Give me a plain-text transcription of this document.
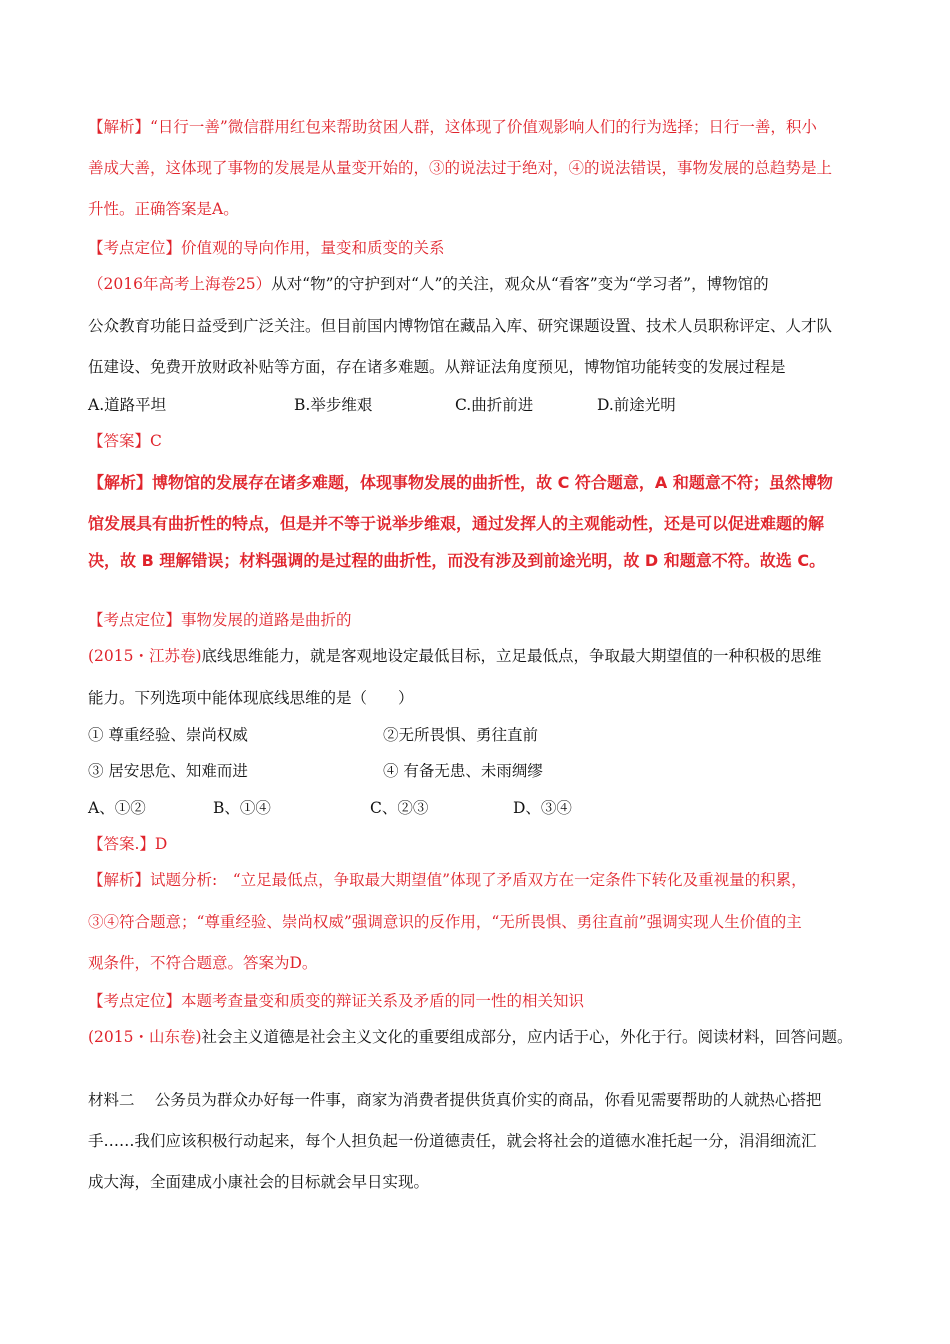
【解析】“日行一善”微信群用红包来帮助贫困人群，这体现了价值观影响人们的行为选择；日行一善，积小
善成大善，这体现了事物的发展是从量变开始的，③的说法过于绝对，④的说法错误，事物发展的总趋势是上
升性。正确答案是A。
【考点定位】价值观的导向作用，量变和质变的关系
（2016年高考上海卷25）从对“物”的守护到对“人”的关注，观众从“看客”变为“学习者”，博物馆的
公众教育功能日益受到广泛关注。但目前国内博物馆在藏品入库、研究课题设置、技术人员职称评定、人才队
伍建设、免费开放财政补贴等方面，存在诸多难题。从辩证法角度预见，博物馆功能转变的发展过程是
A.道路平坦	B.举步维艰	C.曲折前进	D.前途光明
【答案】C
【解析】博物馆的发展存在诸多难题，体现事物发展的曲折性，故 C 符合题意，A 和题意不符；虽然博物
馆发展具有曲折性的特点，但是并不等于说举步维艰，通过发挥人的主观能动性，还是可以促进难题的解
决，故 B 理解错误；材料强调的是过程的曲折性，而没有涉及到前途光明，故 D 和题意不符。故选 C。
【考点定位】事物发展的道路是曲折的
(2015・江苏卷)底线思维能力，就是客观地设定最低目标，立足最低点，争取最大期望值的一种积极的思维
能力。下列选项中能体现底线思维的是（　　）
① 尊重经验、崇尚权威	②无所畏惧、勇往直前
③ 居安思危、知难而进	④ 有备无患、未雨绸缪
A、①②	B、①④	C、②③	D、③④
【答案.】D
【解析】试题分析:　“立足最低点，争取最大期望值”体现了矛盾双方在一定条件下转化及重视量的积累，
③④符合题意；“尊重经验、崇尚权威”强调意识的反作用，“无所畏惧、勇往直前”强调实现人生价值的主
观条件，不符合题意。答案为D。
【考点定位】本题考查量变和质变的辩证关系及矛盾的同一性的相关知识
(2015・山东卷)社会主义道德是社会主义文化的重要组成部分，应内话于心，外化于行。阅读材料，回答问题。
材料二　 公务员为群众办好每一件事，商家为消费者提供货真价实的商品，你看见需要帮助的人就热心搭把
手……我们应该积极行动起来，每个人担负起一份道德责任，就会将社会的道德水准托起一分，涓涓细流汇
成大海，全面建成小康社会的目标就会早日实现。
